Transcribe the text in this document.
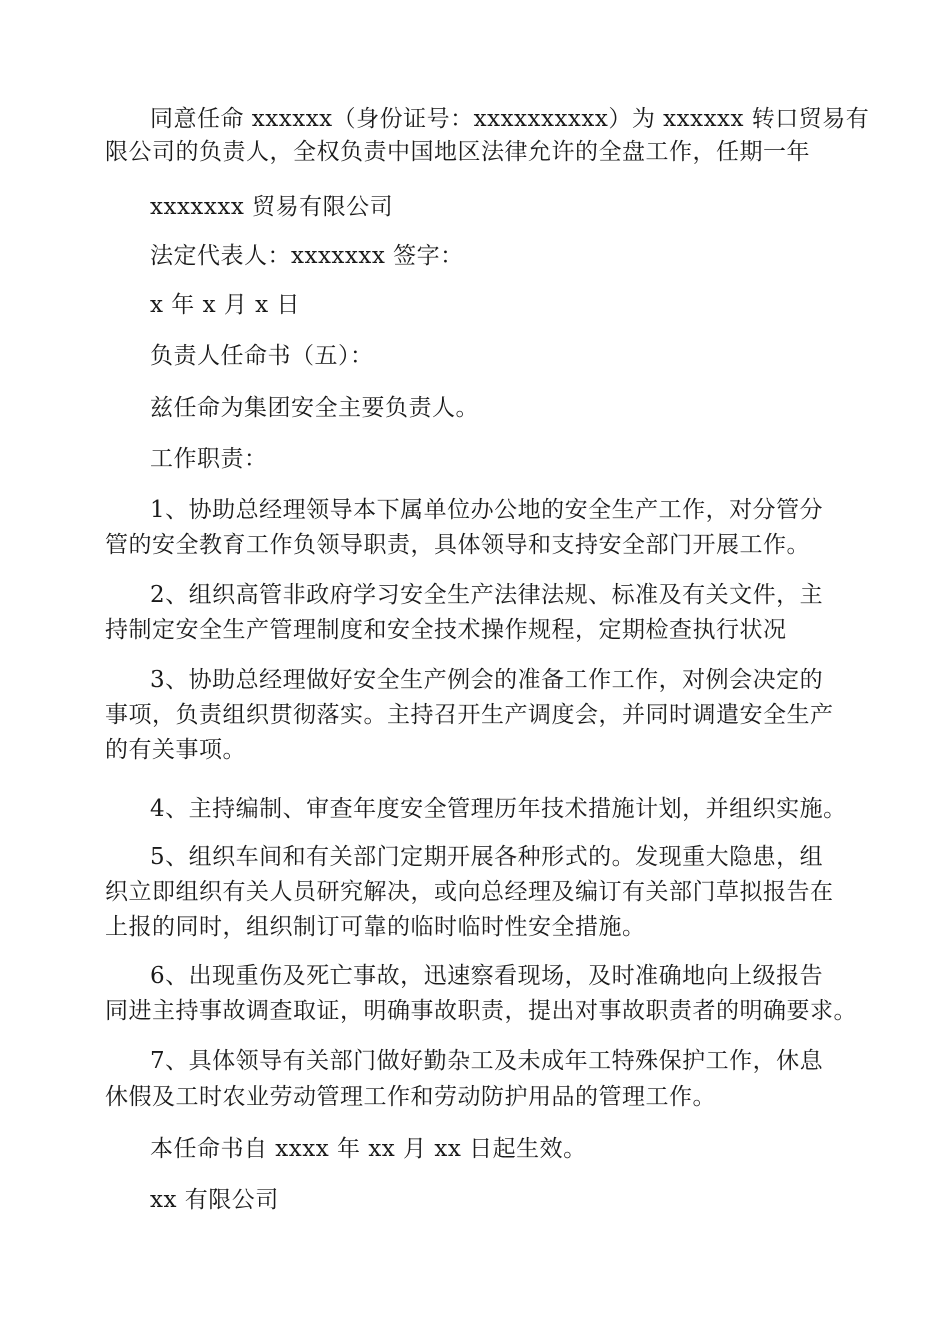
同意任命 xxxxxx（身份证号：xxxxxxxxxx）为 xxxxxx 转口贸易有
限公司的负责人，全权负责中国地区法律允许的全盘工作，任期一年
xxxxxxx 贸易有限公司
法定代表人：xxxxxxx 签字：
x 年 x 月 x 日
负责人任命书（五）：
兹任命为集团安全主要负责人。
工作职责：
1、协助总经理领导本下属单位办公地的安全生产工作，对分管分
管的安全教育工作负领导职责，具体领导和支持安全部门开展工作。
2、组织高管非政府学习安全生产法律法规、标准及有关文件，主
持制定安全生产管理制度和安全技术操作规程，定期检查执行状况
3、协助总经理做好安全生产例会的准备工作工作，对例会决定的
事项，负责组织贯彻落实。主持召开生产调度会，并同时调遣安全生产
的有关事项。
4、主持编制、审查年度安全管理历年技术措施计划，并组织实施。
5、组织车间和有关部门定期开展各种形式的。发现重大隐患，组
织立即组织有关人员研究解决，或向总经理及编订有关部门草拟报告在
上报的同时，组织制订可靠的临时临时性安全措施。
6、出现重伤及死亡事故，迅速察看现场，及时准确地向上级报告
同进主持事故调查取证，明确事故职责，提出对事故职责者的明确要求。
7、具体领导有关部门做好勤杂工及未成年工特殊保护工作，休息
休假及工时农业劳动管理工作和劳动防护用品的管理工作。
本任命书自 xxxx 年 xx 月 xx 日起生效。
xx 有限公司
